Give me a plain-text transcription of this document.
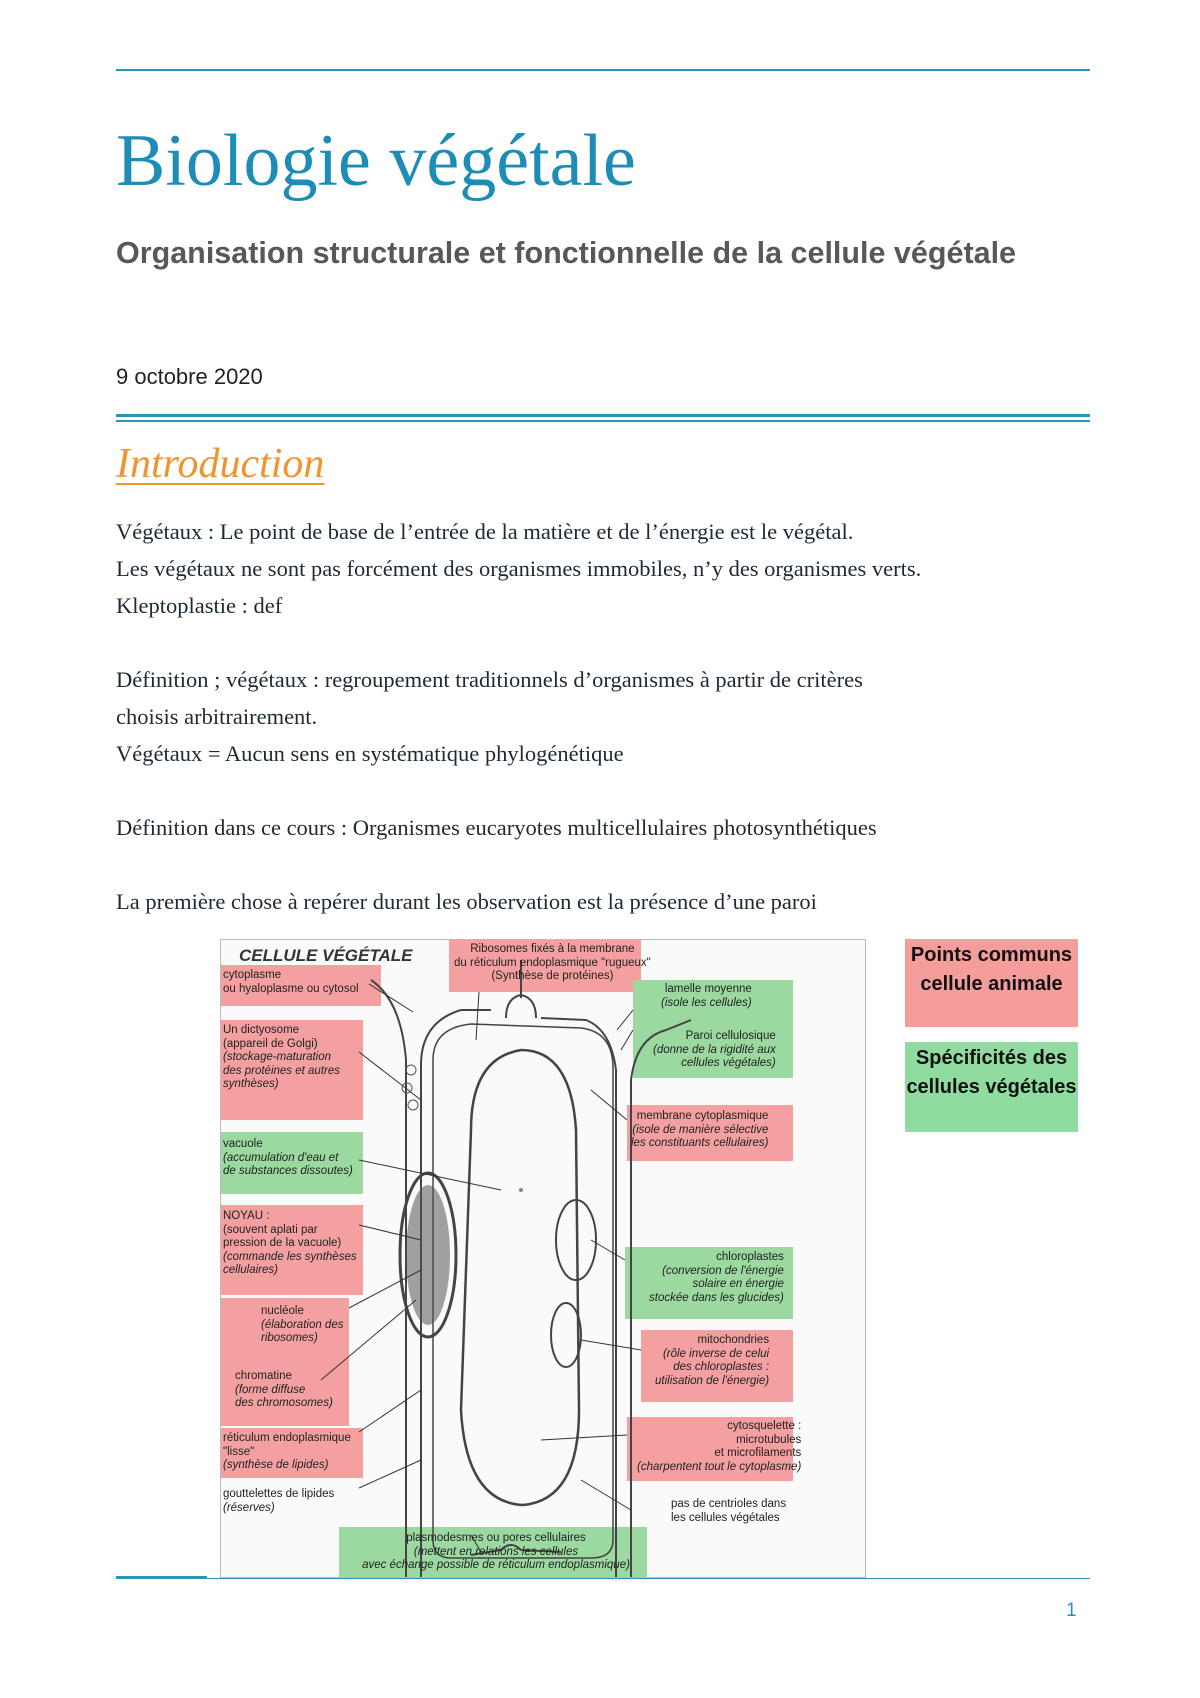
Biologie végétale
Organisation structurale et fonctionnelle de la cellule végétale
9 octobre 2020
Introduction

Végétaux : Le point de base de l’entrée de la matière et de l’énergie est le végétal.

Les végétaux ne sont pas forcément des organismes immobiles, n’y des organismes verts.

Kleptoplastie : def

Définition ; végétaux : regroupement traditionnels d’organismes à partir de critères

choisis arbitrairement.

Végétaux = Aucun sens en systématique phylogénétique

Définition dans ce cours : Organismes eucaryotes multicellulaires photosynthétiques

La première chose à repérer durant les observation est la présence d’une paroi

CELLULE VÉGÉTALE
cytoplasme
ou hyaloplasme ou cytosol
Ribosomes fixés à la membrane
du réticulum endoplasmique "rugueux"
(Synthèse de protéines)
lamelle moyenne
(isole les cellules)
Paroi cellulosique
(donne de la rigidité aux
cellules végétales)
Un dictyosome
(appareil de Golgi)
(stockage-maturation
des protéines et autres
synthèses)
membrane cytoplasmique
(isole de manière sélective
les constituants cellulaires)
vacuole
(accumulation d'eau et
de substances dissoutes)
NOYAU :
(souvent aplati par
pression de la vacuole)
(commande les synthèses
cellulaires)
chloroplastes
(conversion de l'énergie
solaire en énergie
stockée dans les glucides)
nucléole
(élaboration des
ribosomes)	mitochondries
(rôle inverse de celui
des chloroplastes :
utilisation de l'énergie)
chromatine
(forme diffuse
des chromosomes)
réticulum endoplasmique
"lisse"
(synthèse de lipides)
cytosquelette :
microtubules
et microfilaments
(charpentent tout le cytoplasme)
gouttelettes de lipides
(réserves)	pas de centrioles dans
les cellules végétales
plasmodesmes ou pores cellulaires
(mettent en relations les cellules
avec échange possible de réticulum endoplasmique)
Points communs cellule animale
Spécificités des cellules végétales
1
